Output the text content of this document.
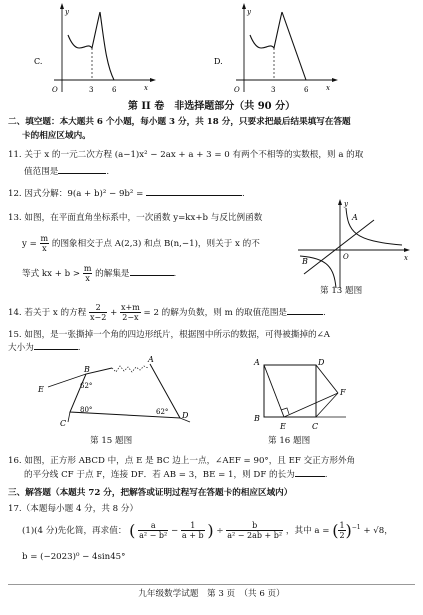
y
x
O	3	6
C.
y
x
O	3	6
D.
第 II 卷　非选择题部分（共 90 分）
二、填空题：本大题共 6 个小题，每小题 3 分，共 18 分，只要求把最后结果填写在答题
卡的相应区域内。
11. 关于 x 的一元二次方程 (a−1)x² − 2ax + a + 3 = 0 有两个不相等的实数根，则 a 的取
值范围是	.
12. 因式分解：9(a + b)² − 9b² =	.
13. 如图，在平面直角坐标系中，一次函数 y=kx+b 与反比例函数
$y = \frac{m}{x}$ 的图象相交于点 A(2,3) 和点 B(n,−1)，则关于 x 的不
等式 kx + $b > \frac{m}{x}$ 的解集是	.
y
x
O
A
B
第 13 题图
14. 若关于 x 的方程 $\frac{2}{x-2} + \frac{x+m}{2-x} = 2$ 的解为负数，则 m 的取值范围是	.
15. 如图，是一张撕掉一个角的四边形纸片，根据图中所示的数据，可得被撕掉的∠A
大小为	.
A
B
C
D
E	62°
80°	62°
第 15 题图
A
B
C
D
E
F
第 16 题图
16. 如图，正方形 ABCD 中，点 E 是 BC 边上一点，∠AEF = 90°，且 EF 交正方形外角
的平分线 CF 于点 F，连接 DF．若 AB = 3，BE = 1，则 DF 的长为	.
三、解答题（本题共 72 分，把解答或证明过程写在答题卡的相应区域内）
17.（本题每小题 4 分，共 8 分）
(1)(4 分)先化简，再求值： ( $\frac{a}{\text{a² − b²}} - \frac{1}{a + b}$ ) ÷ $\frac{b}{\text{a² − 2ab + b²}}$ ，其中 a = ( $\frac{1}{2} )^{-1} + √8$，
b = (−2023)⁰ − 4sin45°
九年级数学试题　第 3 页　（共 6 页）
